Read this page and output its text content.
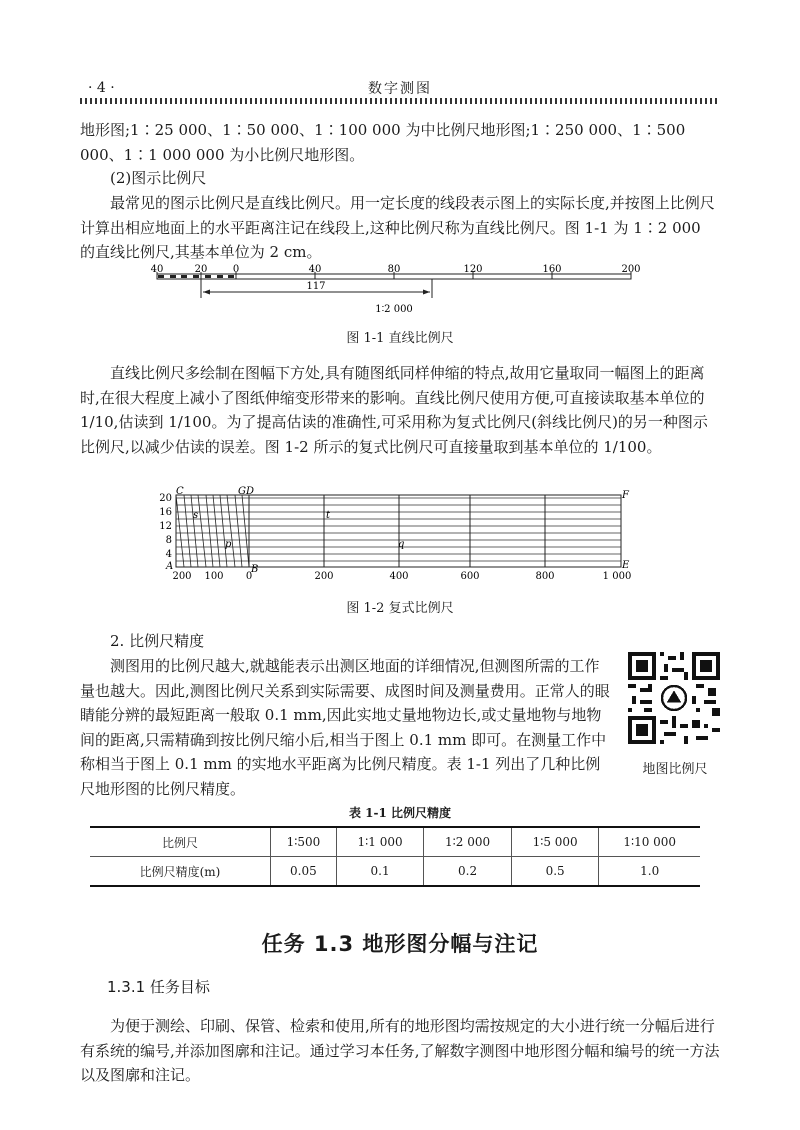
· 4 ·	数字测图
地形图;1∶25 000、1∶50 000、1∶100 000 为中比例尺地形图;1∶250 000、1∶500 000、1∶1 000 000 为小比例尺地形图。
(2)图示比例尺
最常见的图示比例尺是直线比例尺。用一定长度的线段表示图上的实际长度,并按图上比例尺计算出相应地面上的水平距离注记在线段上,这种比例尺称为直线比例尺。图 1-1 为 1∶2 000 的直线比例尺,其基本单位为 2 cm。
40	20	0	40	80	120	160	200
117
1∶2 000
图 1-1 直线比例尺
直线比例尺多绘制在图幅下方处,具有随图纸同样伸缩的特点,故用它量取同一幅图上的距离时,在很大程度上减小了图纸伸缩变形带来的影响。直线比例尺使用方便,可直接读取基本单位的 1/10,估读到 1/100。为了提高估读的准确性,可采用称为复式比例尺(斜线比例尺)的另一种图示比例尺,以减少估读的误差。图 1-2 所示的复式比例尺可直接量取到基本单位的 1/100。
20
16
12
8
4
200 100 0	200	400	600	800	1 000
C	GD	F
A	B	E
s	t
p	q
图 1-2 复式比例尺
2. 比例尺精度
测图用的比例尺越大,就越能表示出测区地面的详细情况,但测图所需的工作量也越大。因此,测图比例尺关系到实际需要、成图时间及测量费用。正常人的眼睛能分辨的最短距离一般取 0.1 mm,因此实地丈量地物边长,或丈量地物与地物间的距离,只需精确到按比例尺缩小后,相当于图上 0.1 mm 即可。在测量工作中称相当于图上 0.1 mm 的实地水平距离为比例尺精度。表 1-1 列出了几种比例尺地形图的比例尺精度。
地图比例尺
表 1-1 比例尺精度
比例尺	1∶500	1∶1 000	1∶2 000	1∶5 000	1∶10 000
比例尺精度(m)	0.05	0.1	0.2	0.5	1.0
任务 1.3 地形图分幅与注记
1.3.1 任务目标
为便于测绘、印刷、保管、检索和使用,所有的地形图均需按规定的大小进行统一分幅后进行有系统的编号,并添加图廓和注记。通过学习本任务,了解数字测图中地形图分幅和编号的统一方法以及图廓和注记。
